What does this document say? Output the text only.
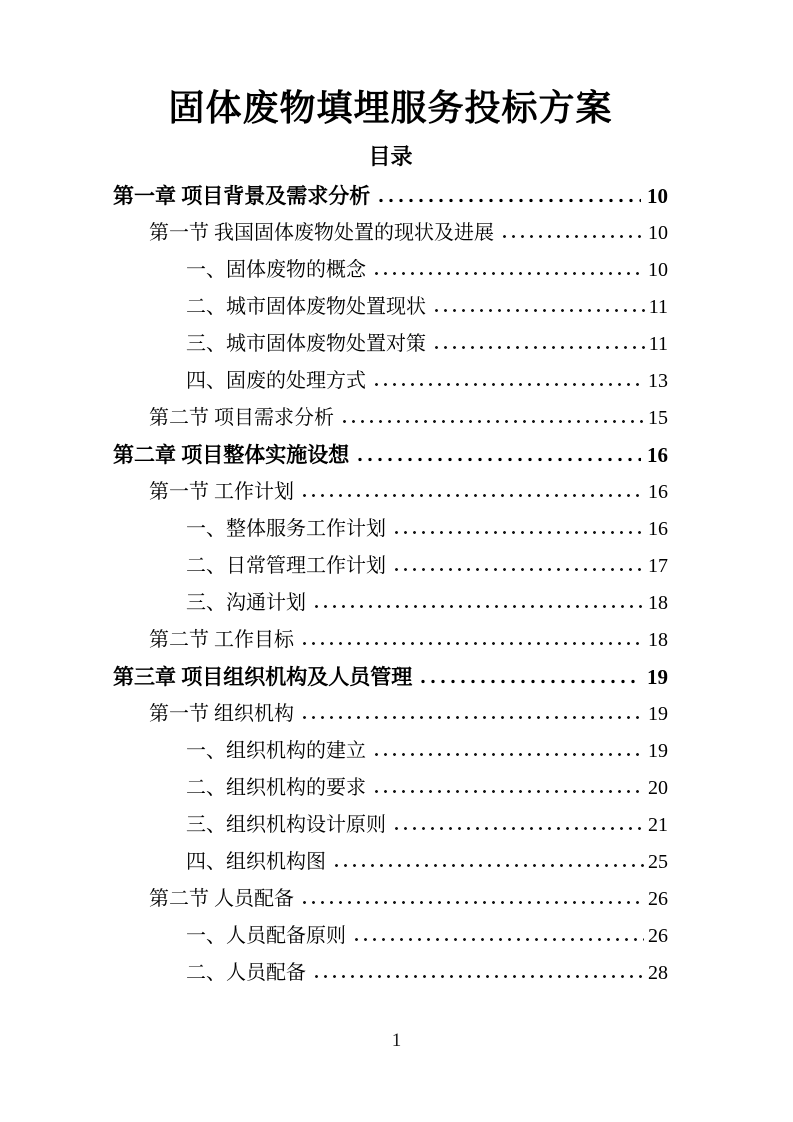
固体废物填埋服务投标方案
目录
第一章 项目背景及需求分析	10
第一节 我国固体废物处置的现状及进展	10
一、固体废物的概念	10
二、城市固体废物处置现状	11
三、城市固体废物处置对策	11
四、固废的处理方式	13
第二节 项目需求分析	15
第二章 项目整体实施设想	16
第一节 工作计划	16
一、整体服务工作计划	16
二、日常管理工作计划	17
三、沟通计划	18
第二节 工作目标	18
第三章 项目组织机构及人员管理	19
第一节 组织机构	19
一、组织机构的建立	19
二、组织机构的要求	20
三、组织机构设计原则	21
四、组织机构图	25
第二节 人员配备	26
一、人员配备原则	26
二、人员配备	28
1
